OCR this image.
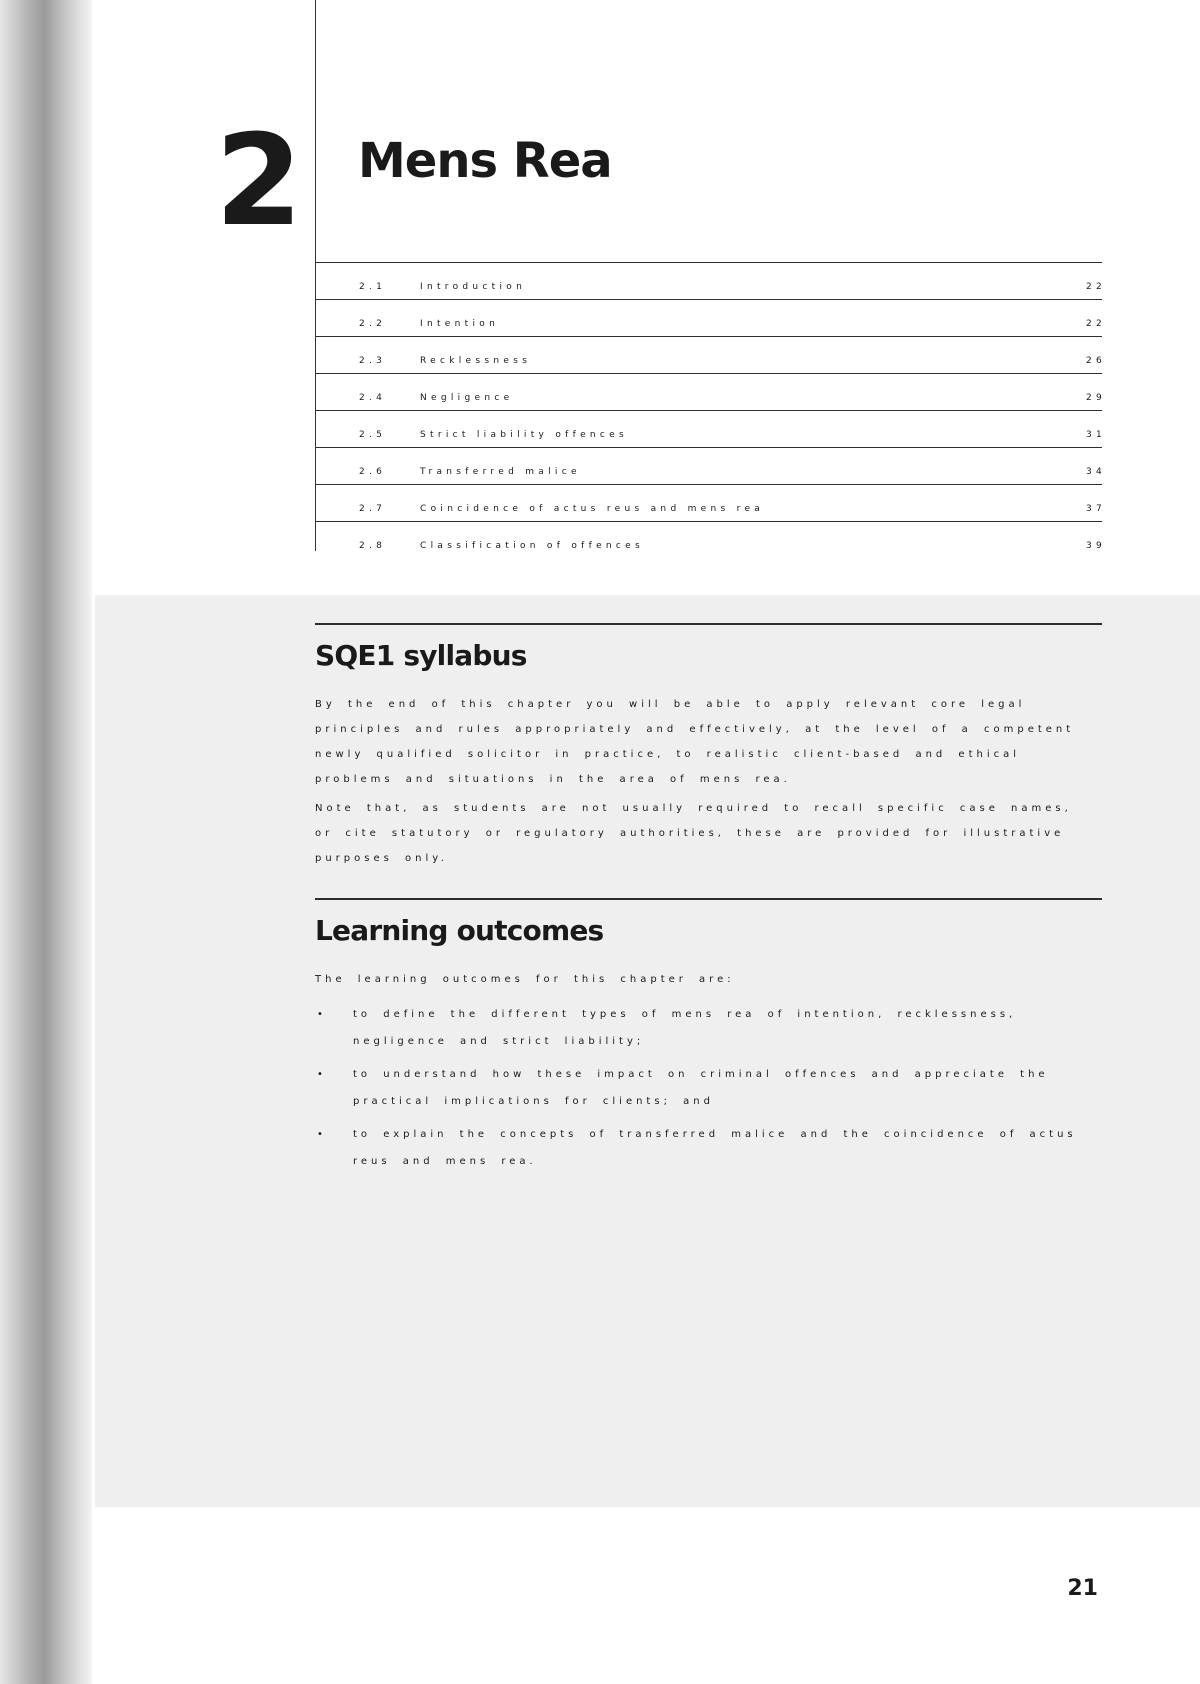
2 Mens Rea
2.1	Introduction	22
2.2	Intention	22
2.3	Recklessness	26
2.4	Negligence	29
2.5	Strict liability offences	31
2.6	Transferred malice	34
2.7	Coincidence of actus reus and mens rea	37
2.8	Classification of offences	39
SQE1 syllabus

By the end of this chapter you will be able to apply relevant core legal principles and rules appropriately and effectively, at the level of a competent newly qualified solicitor in practice, to realistic client-based and ethical problems and situations in the area of mens rea.

Note that, as students are not usually required to recall specific case names, or cite statutory or regulatory authorities, these are provided for illustrative purposes only.

Learning outcomes

The learning outcomes for this chapter are:

•	to define the different types of mens rea of intention, recklessness, negligence and strict liability;
•	to understand how these impact on criminal offences and appreciate the practical implications for clients; and
•	to explain the concepts of transferred malice and the coincidence of actus reus and mens rea.
21
